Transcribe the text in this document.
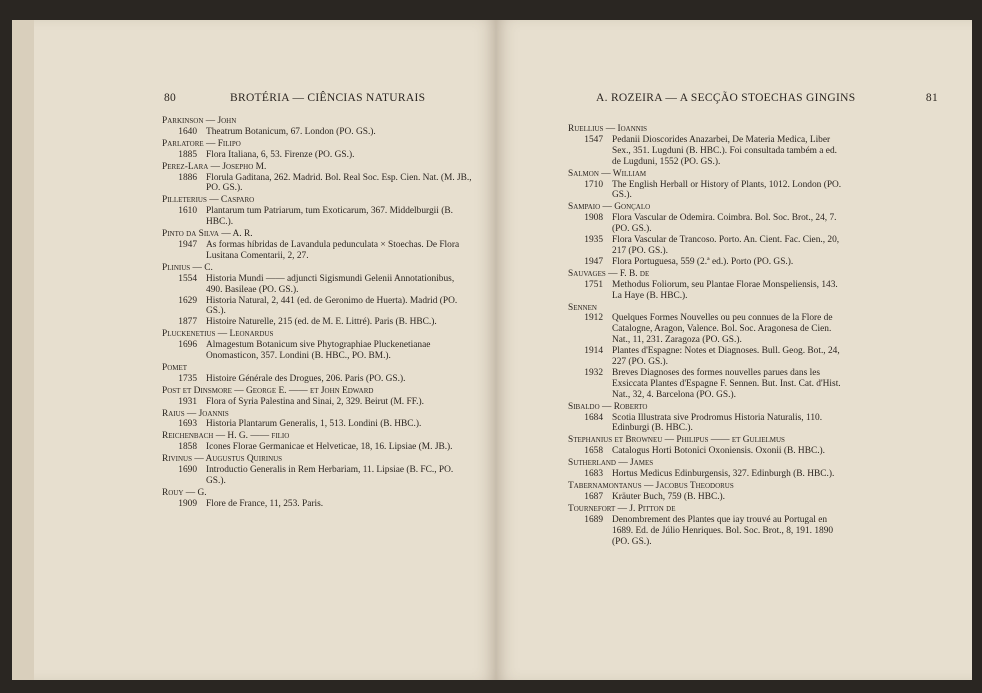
80	BROTÉRIA — CIÊNCIAS NATURAIS
Parkinson — John
1640 Theatrum Botanicum, 67. London (PO. GS.).
Parlatore — Filipo
1885 Flora Italiana, 6, 53. Firenze (PO. GS.).
Perez-Lara — Josepho M.
1886 Florula Gaditana, 262. Madrid. Bol. Real Soc. Esp. Cien. Nat. (M. JB., PO. GS.).
Pilleterius — Casparo
1610 Plantarum tum Patriarum, tum Exoticarum, 367. Middelburgii (B. HBC.).
Pinto da Silva — A. R.
1947 As formas híbridas de Lavandula pedunculata × Stoechas. De Flora Lusitana Comentarii, 2, 27.
Plinius — C.
1554 Historia Mundi —— adjuncti Sigismundi Gelenii Annotationibus, 490. Basileae (PO. GS.).
1629 Historia Natural, 2, 441 (ed. de Geronimo de Huerta). Madrid (PO. GS.).
1877 Histoire Naturelle, 215 (ed. de M. E. Littré). Paris (B. HBC.).
Pluckenetius — Leonardus
1696 Almagestum Botanicum sive Phytographiae Pluckenetianae Onomasticon, 357. Londini (B. HBC., PO. BM.).
Pomet
1735 Histoire Générale des Drogues, 206. Paris (PO. GS.).
Post et Dinsmore — George E. —— et John Edward
1931 Flora of Syria Palestina and Sinai, 2, 329. Beirut (M. FF.).
Raius — Joannis
1693 Historia Plantarum Generalis, 1, 513. Londini (B. HBC.).
Reichenbach — H. G. —— filio
1858 Icones Florae Germanicae et Helveticae, 18, 16. Lipsiae (M. JB.).
Rivinus — Augustus Quirinus
1690 Introductio Generalis in Rem Herbariam, 11. Lipsiae (B. FC., PO. GS.).
Rouy — G.
1909 Flore de France, 11, 253. Paris.
A. ROZEIRA — A SECÇÃO STOECHAS GINGINS	81
Ruellius — Ioannis
1547 Pedanii Dioscorides Anazarbei, De Materia Medica, Liber Sex., 351. Lugduni (B. HBC.). Foi consultada também a ed. de Lugduni, 1552 (PO. GS.).
Salmon — William
1710 The English Herball or History of Plants, 1012. London (PO. GS.).
Sampaio — Gonçalo
1908 Flora Vascular de Odemira. Coimbra. Bol. Soc. Brot., 24, 7. (PO. GS.).
1935 Flora Vascular de Trancoso. Porto. An. Cient. Fac. Cien., 20, 217 (PO. GS.).
1947 Flora Portuguesa, 559 (2.ª ed.). Porto (PO. GS.).
Sauvages — F. B. de
1751 Methodus Foliorum, seu Plantae Florae Monspeliensis, 143. La Haye (B. HBC.).
Sennen
1912 Quelques Formes Nouvelles ou peu connues de la Flore de Catalogne, Aragon, Valence. Bol. Soc. Aragonesa de Cien. Nat., 11, 231. Zaragoza (PO. GS.).
1914 Plantes d'Espagne: Notes et Diagnoses. Bull. Geog. Bot., 24, 227 (PO. GS.).
1932 Breves Diagnoses des formes nouvelles parues dans les Exsiccata Plantes d'Espagne F. Sennen. But. Inst. Cat. d'Hist. Nat., 32, 4. Barcelona (PO. GS.).
Sibaldo — Roberto
1684 Scotia Illustrata sive Prodromus Historia Naturalis, 110. Edinburgi (B. HBC.).
Stephanius et Browneu — Philipus —— et Gulielmus
1658 Catalogus Horti Botonici Oxoniensis. Oxonii (B. HBC.).
Sutherland — James
1683 Hortus Medicus Edinburgensis, 327. Edinburgh (B. HBC.).
Tabernamontanus — Jacobus Theodorus
1687 Kräuter Buch, 759 (B. HBC.).
Tournefort — J. Pitton de
1689 Denombrement des Plantes que iay trouvé au Portugal en 1689. Ed. de Júlio Henriques. Bol. Soc. Brot., 8, 191. 1890 (PO. GS.).
